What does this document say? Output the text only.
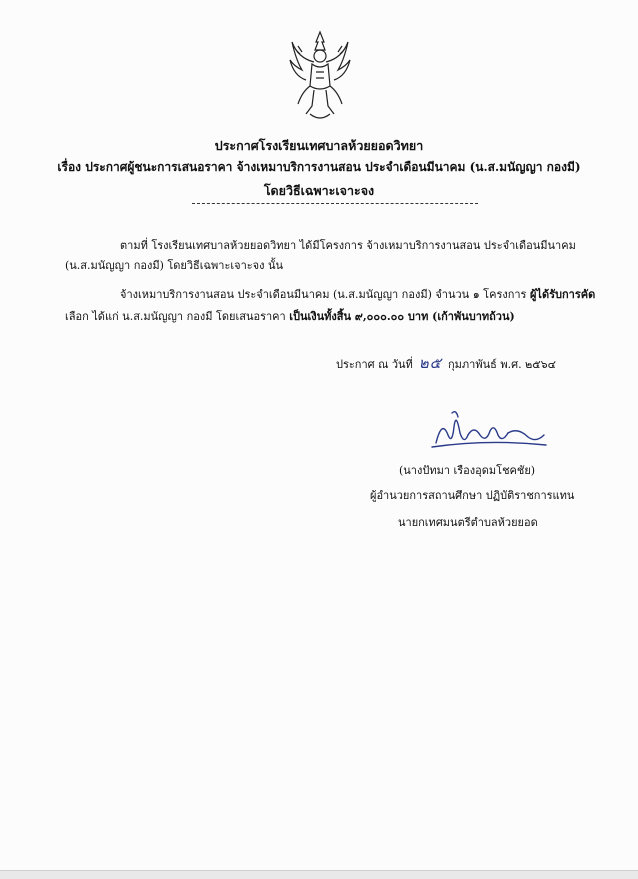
ประกาศโรงเรียนเทศบาลห้วยยอดวิทยา
เรื่อง ประกาศผู้ชนะการเสนอราคา จ้างเหมาบริการงานสอน ประจำเดือนมีนาคม (น.ส.มนัญญา กองมี)
โดยวิธีเฉพาะเจาะจง
ตามที่ โรงเรียนเทศบาลห้วยยอดวิทยา ได้มีโครงการ จ้างเหมาบริการงานสอน ประจำเดือนมีนาคม
(น.ส.มนัญญา กองมี) โดยวิธีเฉพาะเจาะจง นั้น
จ้างเหมาบริการงานสอน ประจำเดือนมีนาคม (น.ส.มนัญญา กองมี) จำนวน ๑ โครงการ ผู้ได้รับการคัด
เลือก ได้แก่ น.ส.มนัญญา กองมี โดยเสนอราคา เป็นเงินทั้งสิ้น ๙,๐๐๐.๐๐ บาท (เก้าพันบาทถ้วน)
ประกาศ ณ วันที่ ๒๕ กุมภาพันธ์ พ.ศ. ๒๕๖๔
(นางปัทมา เรืองอุดมโชคชัย)
ผู้อำนวยการสถานศึกษา ปฏิบัติราชการแทน
นายกเทศมนตรีตำบลห้วยยอด
